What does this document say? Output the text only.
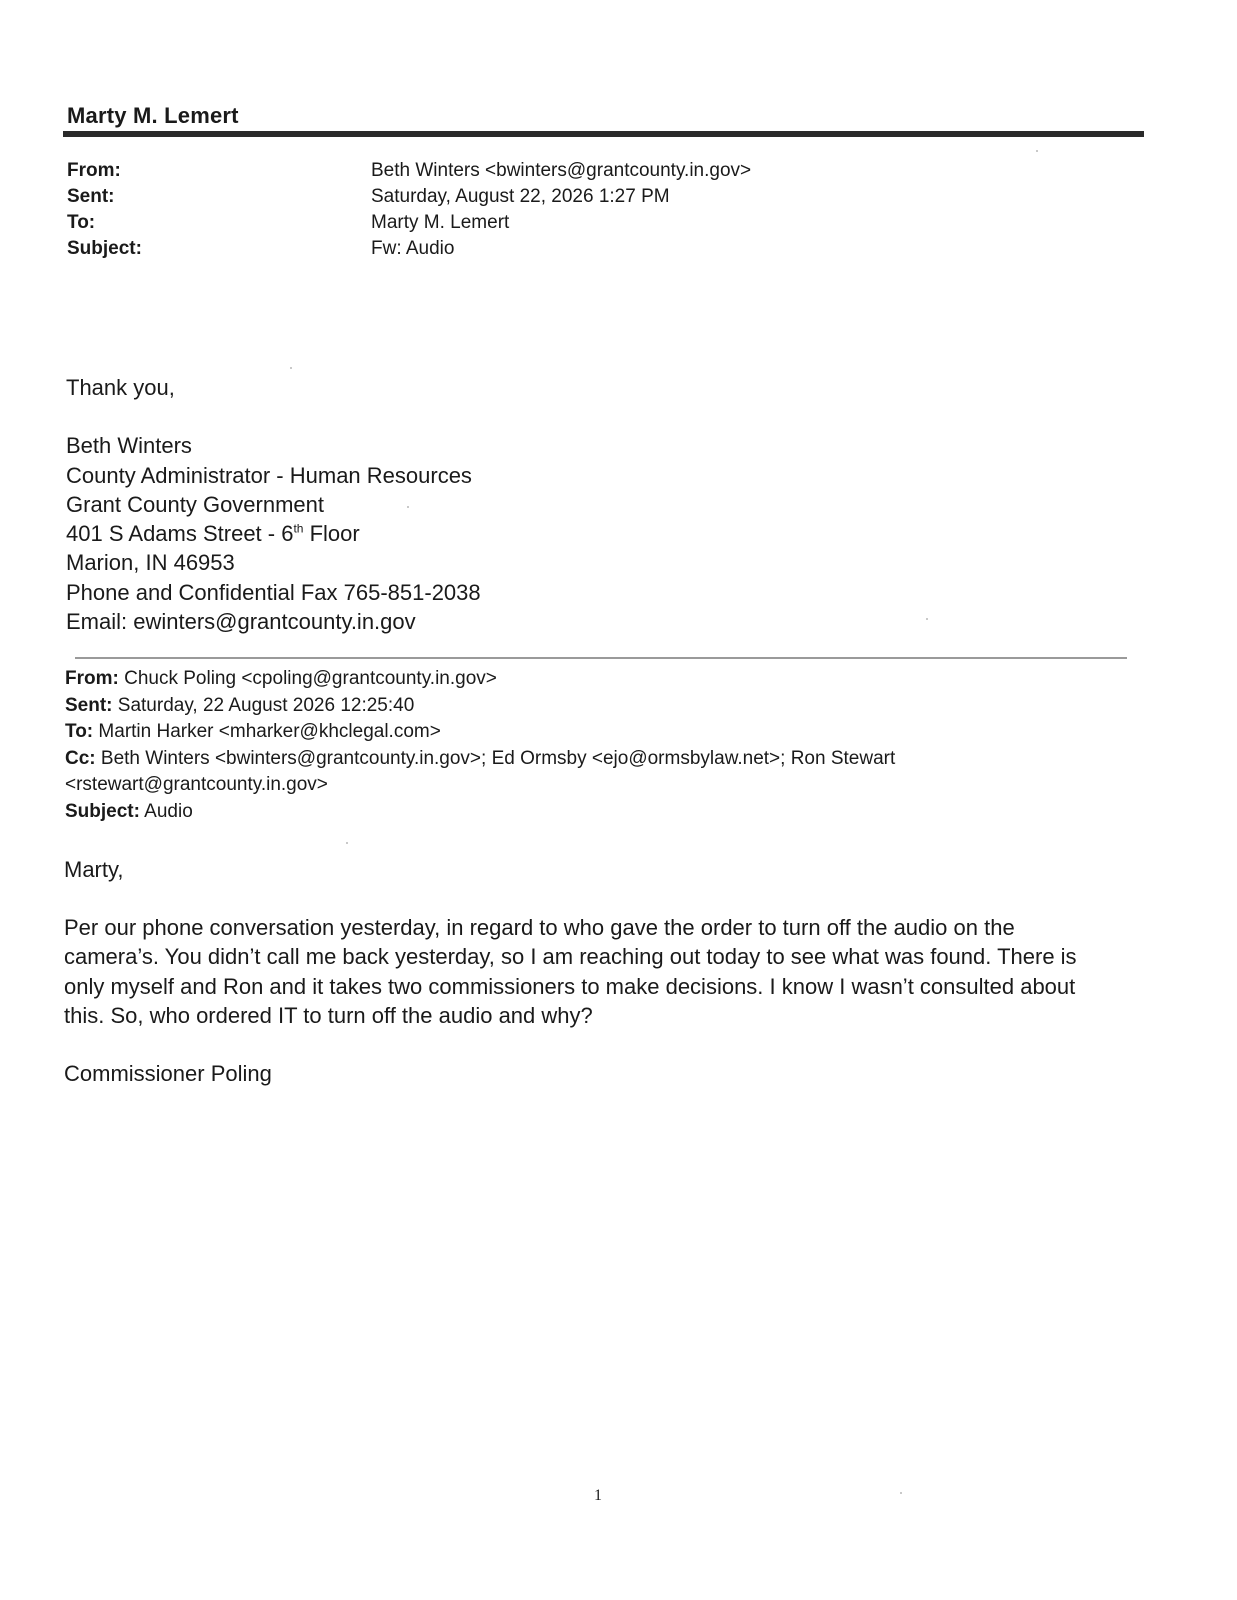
Marty M. Lemert
From:	Beth Winters <bwinters@grantcounty.in.gov>
Sent:	Saturday, August 22, 2026 1:27 PM
To:	Marty M. Lemert
Subject:	Fw: Audio
Thank you,
Beth Winters
County Administrator - Human Resources
Grant County Government
401 S Adams Street - 6th Floor
Marion, IN 46953
Phone and Confidential Fax 765-851-2038
Email: ewinters@grantcounty.in.gov
From: Chuck Poling <cpoling@grantcounty.in.gov>
Sent: Saturday, 22 August 2026 12:25:40
To: Martin Harker <mharker@khclegal.com>
Cc: Beth Winters <bwinters@grantcounty.in.gov>; Ed Ormsby <ejo@ormsbylaw.net>; Ron Stewart
<rstewart@grantcounty.in.gov>
Subject: Audio

Marty,

Per our phone conversation yesterday, in regard to who gave the order to turn off the audio on the
camera’s. You didn’t call me back yesterday, so I am reaching out today to see what was found. There is
only myself and Ron and it takes two commissioners to make decisions. I know I wasn’t consulted about
this. So, who ordered IT to turn off the audio and why?

Commissioner Poling

1
